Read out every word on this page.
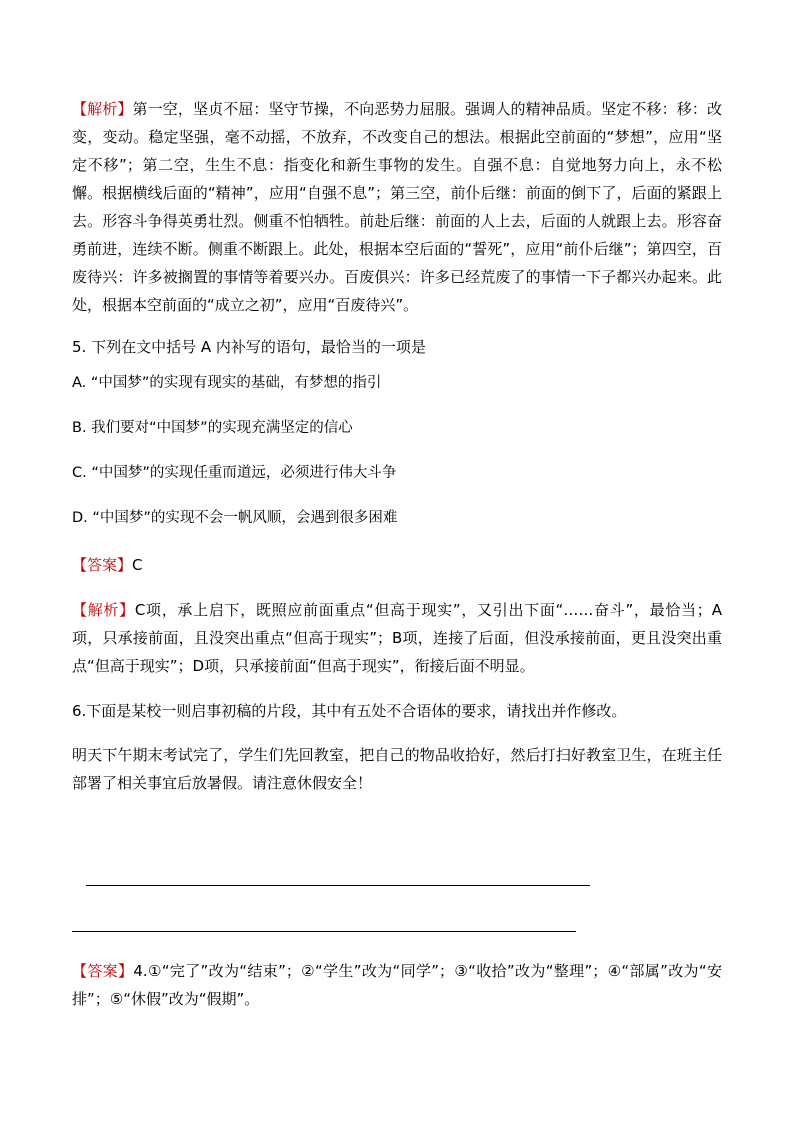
【解析】第一空，坚贞不屈：坚守节操，不向恶势力屈服。强调人的精神品质。坚定不移：移：改变，变动。稳定坚强，毫不动摇，不放弃，不改变自己的想法。根据此空前面的“梦想”，应用“坚定不移”；第二空，生生不息：指变化和新生事物的发生。自强不息：自觉地努力向上，永不松懈。根据横线后面的“精神”，应用“自强不息”；第三空，前仆后继：前面的倒下了，后面的紧跟上去。形容斗争得英勇壮烈。侧重不怕牺牲。前赴后继：前面的人上去，后面的人就跟上去。形容奋勇前进，连续不断。侧重不断跟上。此处，根据本空后面的“誓死”，应用“前仆后继”；第四空，百废待兴：许多被搁置的事情等着要兴办。百废俱兴：许多已经荒废了的事情一下子都兴办起来。此处，根据本空前面的“成立之初”，应用“百废待兴”。

5. 下列在文中括号 A 内补写的语句，最恰当的一项是

A. “中国梦”的实现有现实的基础，有梦想的指引

B. 我们要对“中国梦”的实现充满坚定的信心

C. “中国梦”的实现任重而道远，必须进行伟大斗争

D. “中国梦”的实现不会一帆风顺，会遇到很多困难

【答案】C

【解析】C项，承上启下，既照应前面重点“但高于现实”，又引出下面“……奋斗”，最恰当；A项，只承接前面，且没突出重点“但高于现实”；B项，连接了后面，但没承接前面，更且没突出重点“但高于现实”；D项，只承接前面“但高于现实”，衔接后面不明显。

6.下面是某校一则启事初稿的片段，其中有五处不合语体的要求，请找出并作修改。

明天下午期末考试完了，学生们先回教室，把自己的物品收拾好，然后打扫好教室卫生，在班主任部署了相关事宜后放暑假。请注意休假安全！

【答案】4.①“完了”改为“结束”；②“学生”改为“同学”；③“收拾”改为“整理”；④“部属”改为“安排”；⑤“休假”改为“假期”。
